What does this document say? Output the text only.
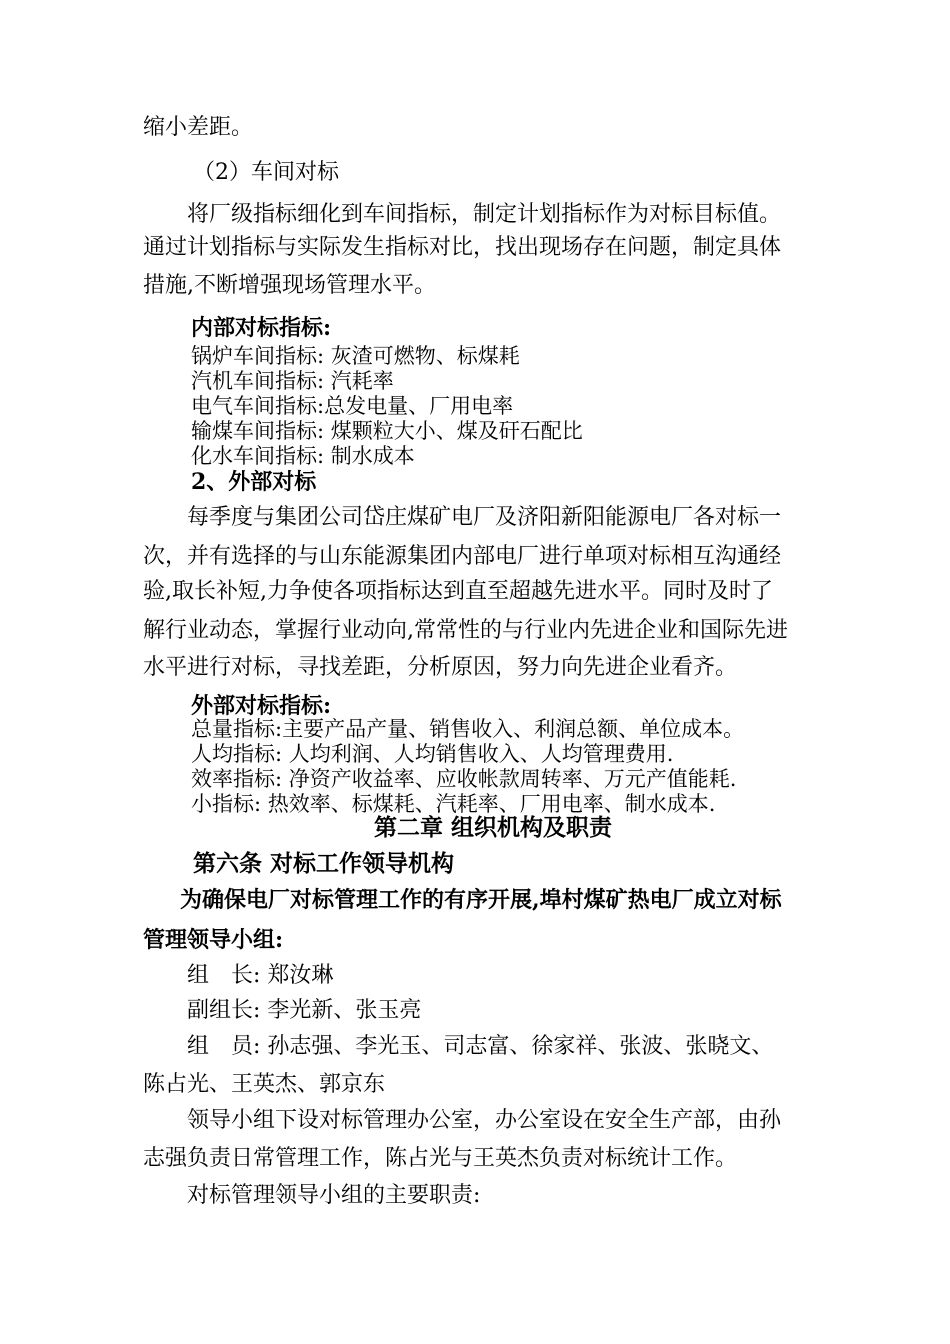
缩小差距。

（2）车间对标

将厂级指标细化到车间指标，制定计划指标作为对标目标值。

通过计划指标与实际发生指标对比，找出现场存在问题，制定具体

措施,不断增强现场管理水平。

内部对标指标:

锅炉车间指标: 灰渣可燃物、标煤耗

汽机车间指标: 汽耗率

电气车间指标:总发电量、厂用电率

输煤车间指标: 煤颗粒大小、煤及矸石配比

化水车间指标: 制水成本

2、外部对标

每季度与集团公司岱庄煤矿电厂及济阳新阳能源电厂各对标一

次，并有选择的与山东能源集团内部电厂进行单项对标相互沟通经

验,取长补短,力争使各项指标达到直至超越先进水平。同时及时了

解行业动态，掌握行业动向,常常性的与行业内先进企业和国际先进

水平进行对标，寻找差距，分析原因，努力向先进企业看齐。

外部对标指标:

总量指标:主要产品产量、销售收入、利润总额、单位成本。

人均指标: 人均利润、人均销售收入、人均管理费用.

效率指标: 净资产收益率、应收帐款周转率、万元产值能耗.

小指标: 热效率、标煤耗、汽耗率、厂用电率、制水成本.

第二章 组织机构及职责

第六条 对标工作领导机构

为确保电厂对标管理工作的有序开展,埠村煤矿热电厂成立对标

管理领导小组:

组　长: 郑汝琳

副组长: 李光新、张玉亮

组　员: 孙志强、李光玉、司志富、徐家祥、张波、张晓文、

陈占光、王英杰、郭京东

领导小组下设对标管理办公室，办公室设在安全生产部，由孙

志强负责日常管理工作，陈占光与王英杰负责对标统计工作。

对标管理领导小组的主要职责:
